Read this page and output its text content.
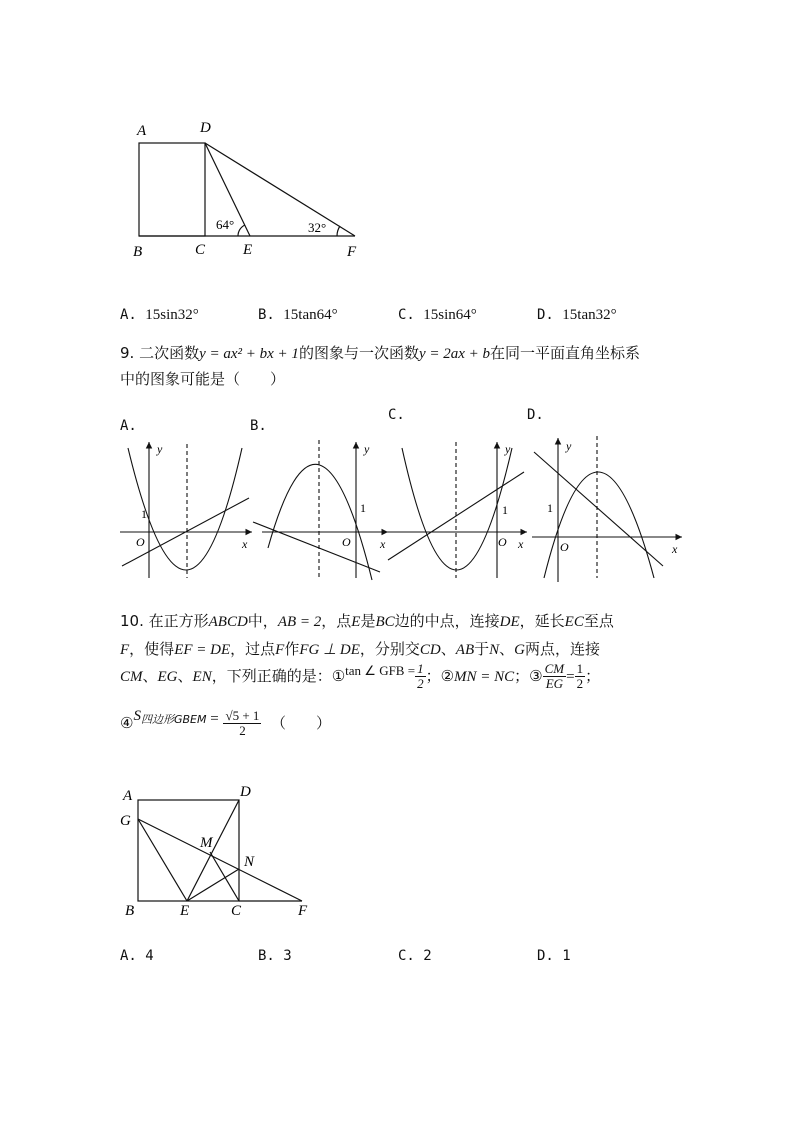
A	D
B	C	E	F
64°	32°
A. 15sin32°	B. 15tan64°	C. 15sin64°	D. 15tan32°
9. 二次函数y = ax² + bx + 1的图象与一次函数y = 2ax + b在同一平面直角坐标系
中的图象可能是（　　）
A.	B.
C.	D.
y
x
O
1
y
x
O
1
y
x
O
1
y
x
O
1
10. 在正方形ABCD中，AB = 2，点E是BC边的中点，连接DE，延长EC至点
F，使得EF = DE，过点F作FG ⊥ DE，分别交CD、AB于N、G两点，连接
CM、EG、EN，下列正确的是：①tan ∠ GFB = $\frac{1}{2}$ ；②MN = NC；③ $\frac{CM}{EG} = \frac{1}{2}$ ；
$④S^{四边形GBEM} = \frac{√5 + 1}{2}$ （　　）
A	D
G
M
N
B	E	C	F
A. 4	B. 3	C. 2	D. 1
